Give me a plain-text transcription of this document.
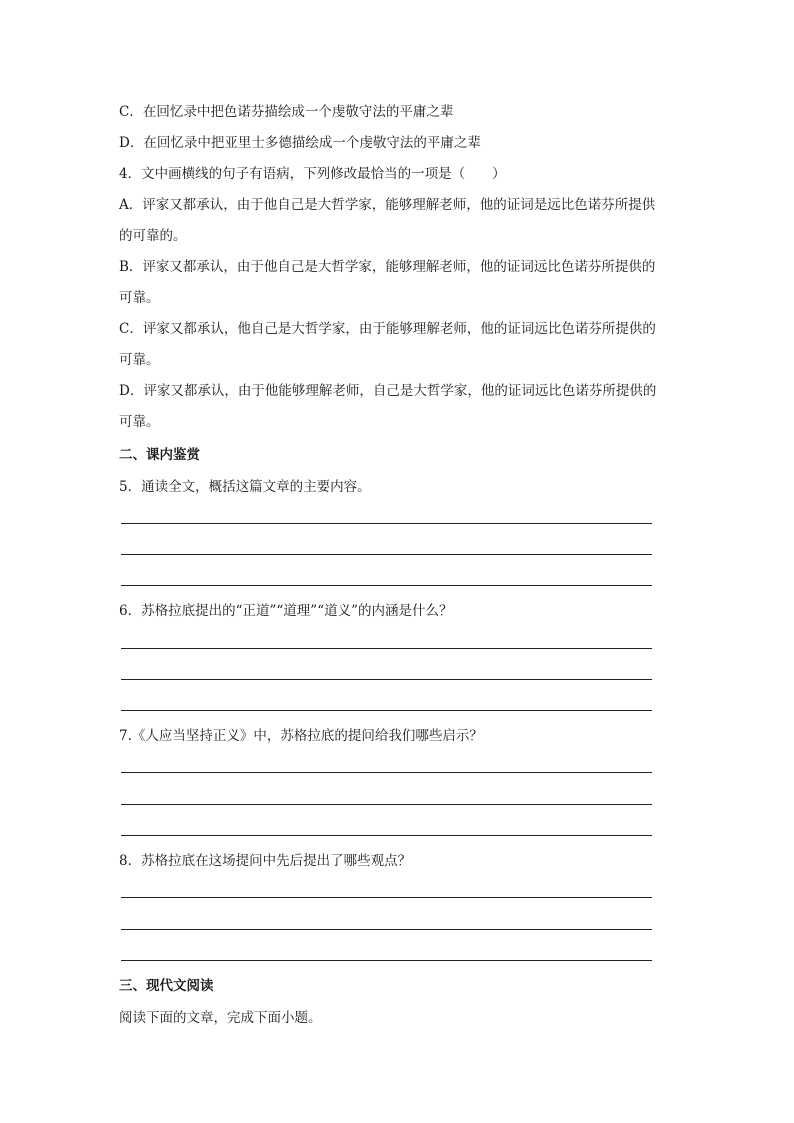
C．在回忆录中把色诺芬描绘成一个虔敬守法的平庸之辈
D．在回忆录中把亚里士多德描绘成一个虔敬守法的平庸之辈
4．文中画横线的句子有语病，下列修改最恰当的一项是（　　）
A．评家又都承认，由于他自己是大哲学家，能够理解老师，他的证词是远比色诺芬所提供
的可靠的。
B．评家又都承认，由于他自己是大哲学家，能够理解老师，他的证词远比色诺芬所提供的
可靠。
C．评家又都承认，他自己是大哲学家，由于能够理解老师，他的证词远比色诺芬所提供的
可靠。
D．评家又都承认，由于他能够理解老师，自己是大哲学家，他的证词远比色诺芬所提供的
可靠。
二、课内鉴赏
5．通读全文，概括这篇文章的主要内容。
6．苏格拉底提出的“正道”“道理”“道义”的内涵是什么？
7.《人应当坚持正义》中，苏格拉底的提问给我们哪些启示？
8．苏格拉底在这场提问中先后提出了哪些观点？
三、现代文阅读
阅读下面的文章，完成下面小题。
